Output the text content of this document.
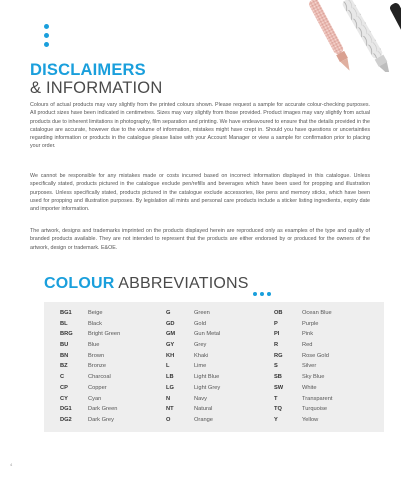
DISCLAIMERS
& INFORMATION

Colours of actual products may vary slightly from the printed colours shown. Please request a sample for accurate colour-checking purposes. All product sizes have been indicated in centimetres. Sizes may vary slightly from those provided. Product images may vary slightly from actual products due to inherent limitations in photography, film separation and printing. We have endeavoured to ensure that the details provided in the catalogue are accurate, however due to the volume of information, mistakes might have crept in. Should you have questions or uncertainties regarding information or products in the catalogue please liaise with your Account Manager or view a sample for confirmation prior to placing your order.

We cannot be responsible for any mistakes made or costs incurred based on incorrect information displayed in this catalogue. Unless specifically stated, products pictured in the catalogue exclude pen/refills and beverages which have been used for propping and illustration purposes. Unless specifically stated, products pictured in the catalogue exclude accessories, like pens and memory sticks, which have been used for propping and illustration purposes. By legislation all mints and personal care products include a sticker listing ingredients, expiry date and importer information.

The artwork, designs and trademarks imprinted on the products displayed herein are reproduced only as examples of the type and quality of branded products available. They are not intended to represent that the products are either endorsed by or produced for the owners of the artwork, design or trademark. E&OE.

COLOUR ABBREVIATIONS
BG1	Beige
BL	Black
BRG	Bright Green
BU	Blue
BN	Brown
BZ	Bronze
C	Charcoal
CP	Copper
CY	Cyan
DG1	Dark Green
DG2	Dark Grey
G	Green
GD	Gold
GM	Gun Metal
GY	Grey
KH	Khaki
L	Lime
LB	Light Blue
LG	Light Grey
N	Navy
NT	Natural
O	Orange
OB	Ocean Blue
P	Purple
PI	Pink
R	Red
RG	Rose Gold
S	Silver
SB	Sky Blue
SW	White
T	Transparent
TQ	Turquoise
Y	Yellow
4
